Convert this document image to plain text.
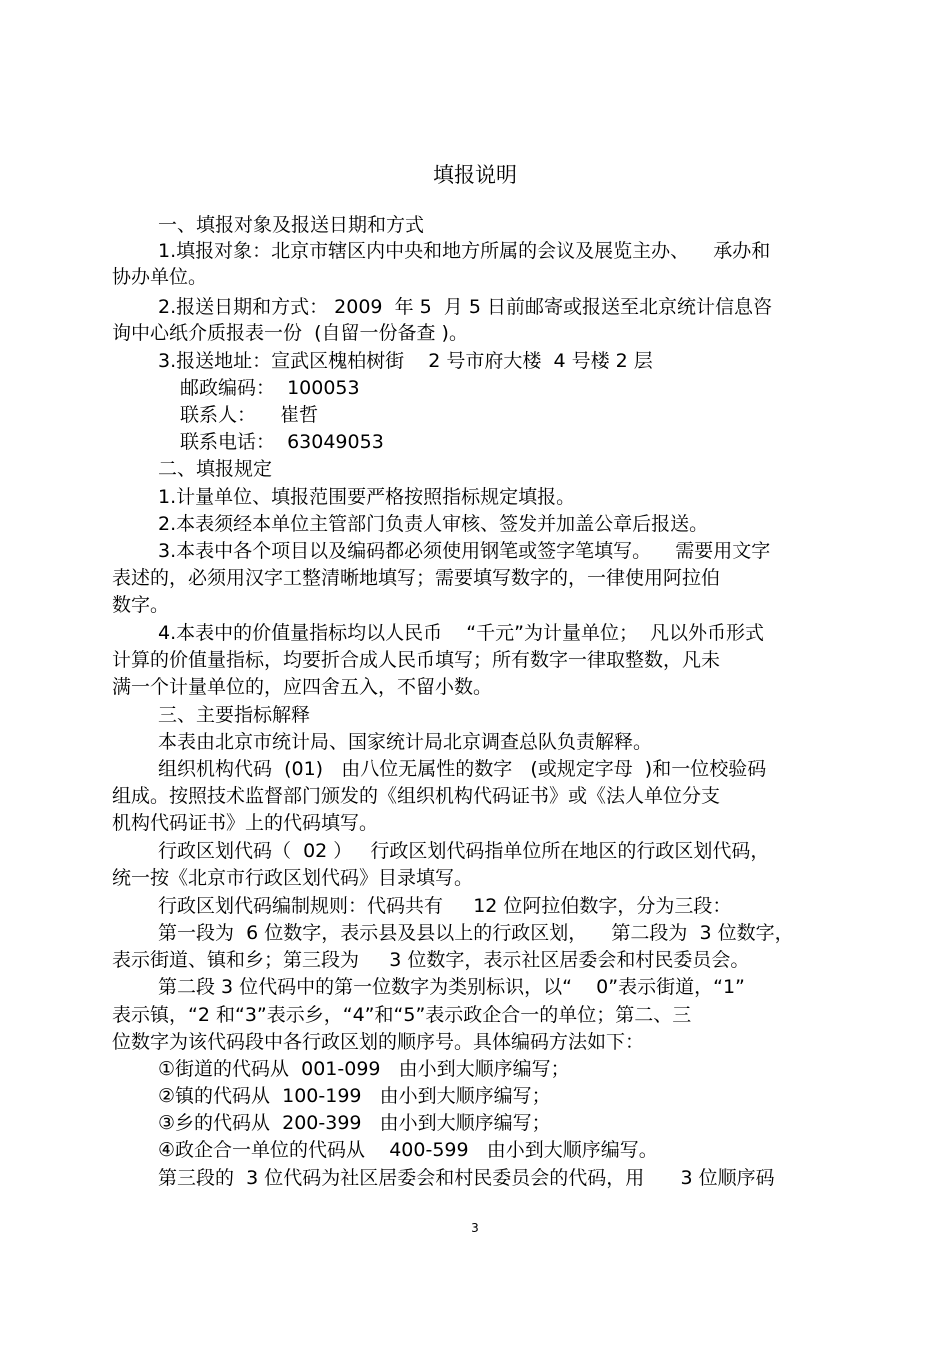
填报说明
一、填报对象及报送日期和方式
1.填报对象：北京市辖区内中央和地方所属的会议及展览主办、    承办和
协办单位。
2.报送日期和方式： 2009  年 5  月 5 日前邮寄或报送至北京统计信息咨
询中心纸介质报表一份  (自留一份备查 )。
3.报送地址：宣武区槐柏树街    2 号市府大楼  4 号楼 2 层
邮政编码：  100053
联系人：    崔哲
联系电话：  63049053
二、填报规定
1.计量单位、填报范围要严格按照指标规定填报。
2.本表须经本单位主管部门负责人审核、签发并加盖公章后报送。
3.本表中各个项目以及编码都必须使用钢笔或签字笔填写。    需要用文字
表述的，必须用汉字工整清晰地填写；需要填写数字的，一律使用阿拉伯
数字。
4.本表中的价值量指标均以人民币    “千元”为计量单位；  凡以外币形式
计算的价值量指标，均要折合成人民币填写；所有数字一律取整数，凡未
满一个计量单位的，应四舍五入，不留小数。
三、主要指标解释
本表由北京市统计局、国家统计局北京调查总队负责解释。
组织机构代码  (01)   由八位无属性的数字   (或规定字母  )和一位校验码
组成。按照技术监督部门颁发的《组织机构代码证书》或《法人单位分支
机构代码证书》上的代码填写。
行政区划代码（  02 ）   行政区划代码指单位所在地区的行政区划代码，
统一按《北京市行政区划代码》目录填写。
行政区划代码编制规则：代码共有     12 位阿拉伯数字，分为三段：
第一段为  6 位数字，表示县及县以上的行政区划，    第二段为  3 位数字，
表示街道、镇和乡；第三段为     3 位数字，表示社区居委会和村民委员会。
第二段 3 位代码中的第一位数字为类别标识，以“    0”表示街道，“1”
表示镇，“2 和“3”表示乡，“4”和“5”表示政企合一的单位；第二、三
位数字为该代码段中各行政区划的顺序号。具体编码方法如下：
①街道的代码从  001-099   由小到大顺序编写；
②镇的代码从  100-199   由小到大顺序编写；
③乡的代码从  200-399   由小到大顺序编写；
④政企合一单位的代码从    400-599   由小到大顺序编写。
第三段的  3 位代码为社区居委会和村民委员会的代码，用      3 位顺序码
3
